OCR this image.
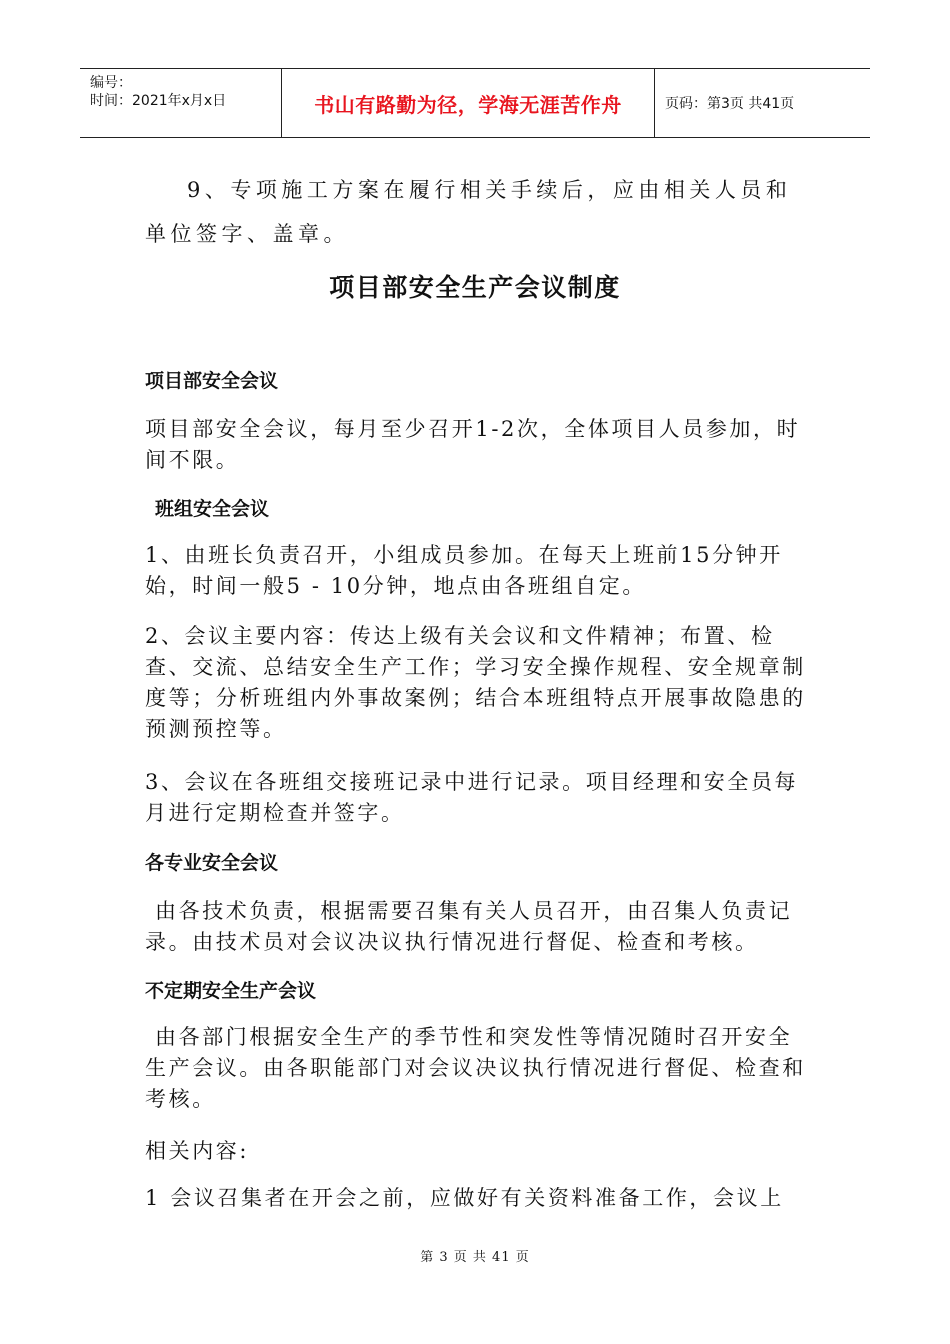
编号：
时间：2021年x月x日	书山有路勤为径，学海无涯苦作舟	页码：第3页 共41页

9、专项施工方案在履行相关手续后，应由相关人员和单位签字、盖章。

项目部安全生产会议制度
项目部安全会议

项目部安全会议，每月至少召开1-2次，全体项目人员参加，时间不限。

班组安全会议

1、由班长负责召开，小组成员参加。在每天上班前15分钟开始，时间一般5 - 10分钟，地点由各班组自定。

2、会议主要内容：传达上级有关会议和文件精神；布置、检查、交流、总结安全生产工作；学习安全操作规程、安全规章制度等；分析班组内外事故案例；结合本班组特点开展事故隐患的预测预控等。

3、会议在各班组交接班记录中进行记录。项目经理和安全员每月进行定期检查并签字。

各专业安全会议

由各技术负责，根据需要召集有关人员召开，由召集人负责记录。由技术员对会议决议执行情况进行督促、检查和考核。

不定期安全生产会议

由各部门根据安全生产的季节性和突发性等情况随时召开安全生产会议。由各职能部门对会议决议执行情况进行督促、检查和考核。

相关内容:

1 会议召集者在开会之前，应做好有关资料准备工作，会议上

第 3 页 共 41 页
